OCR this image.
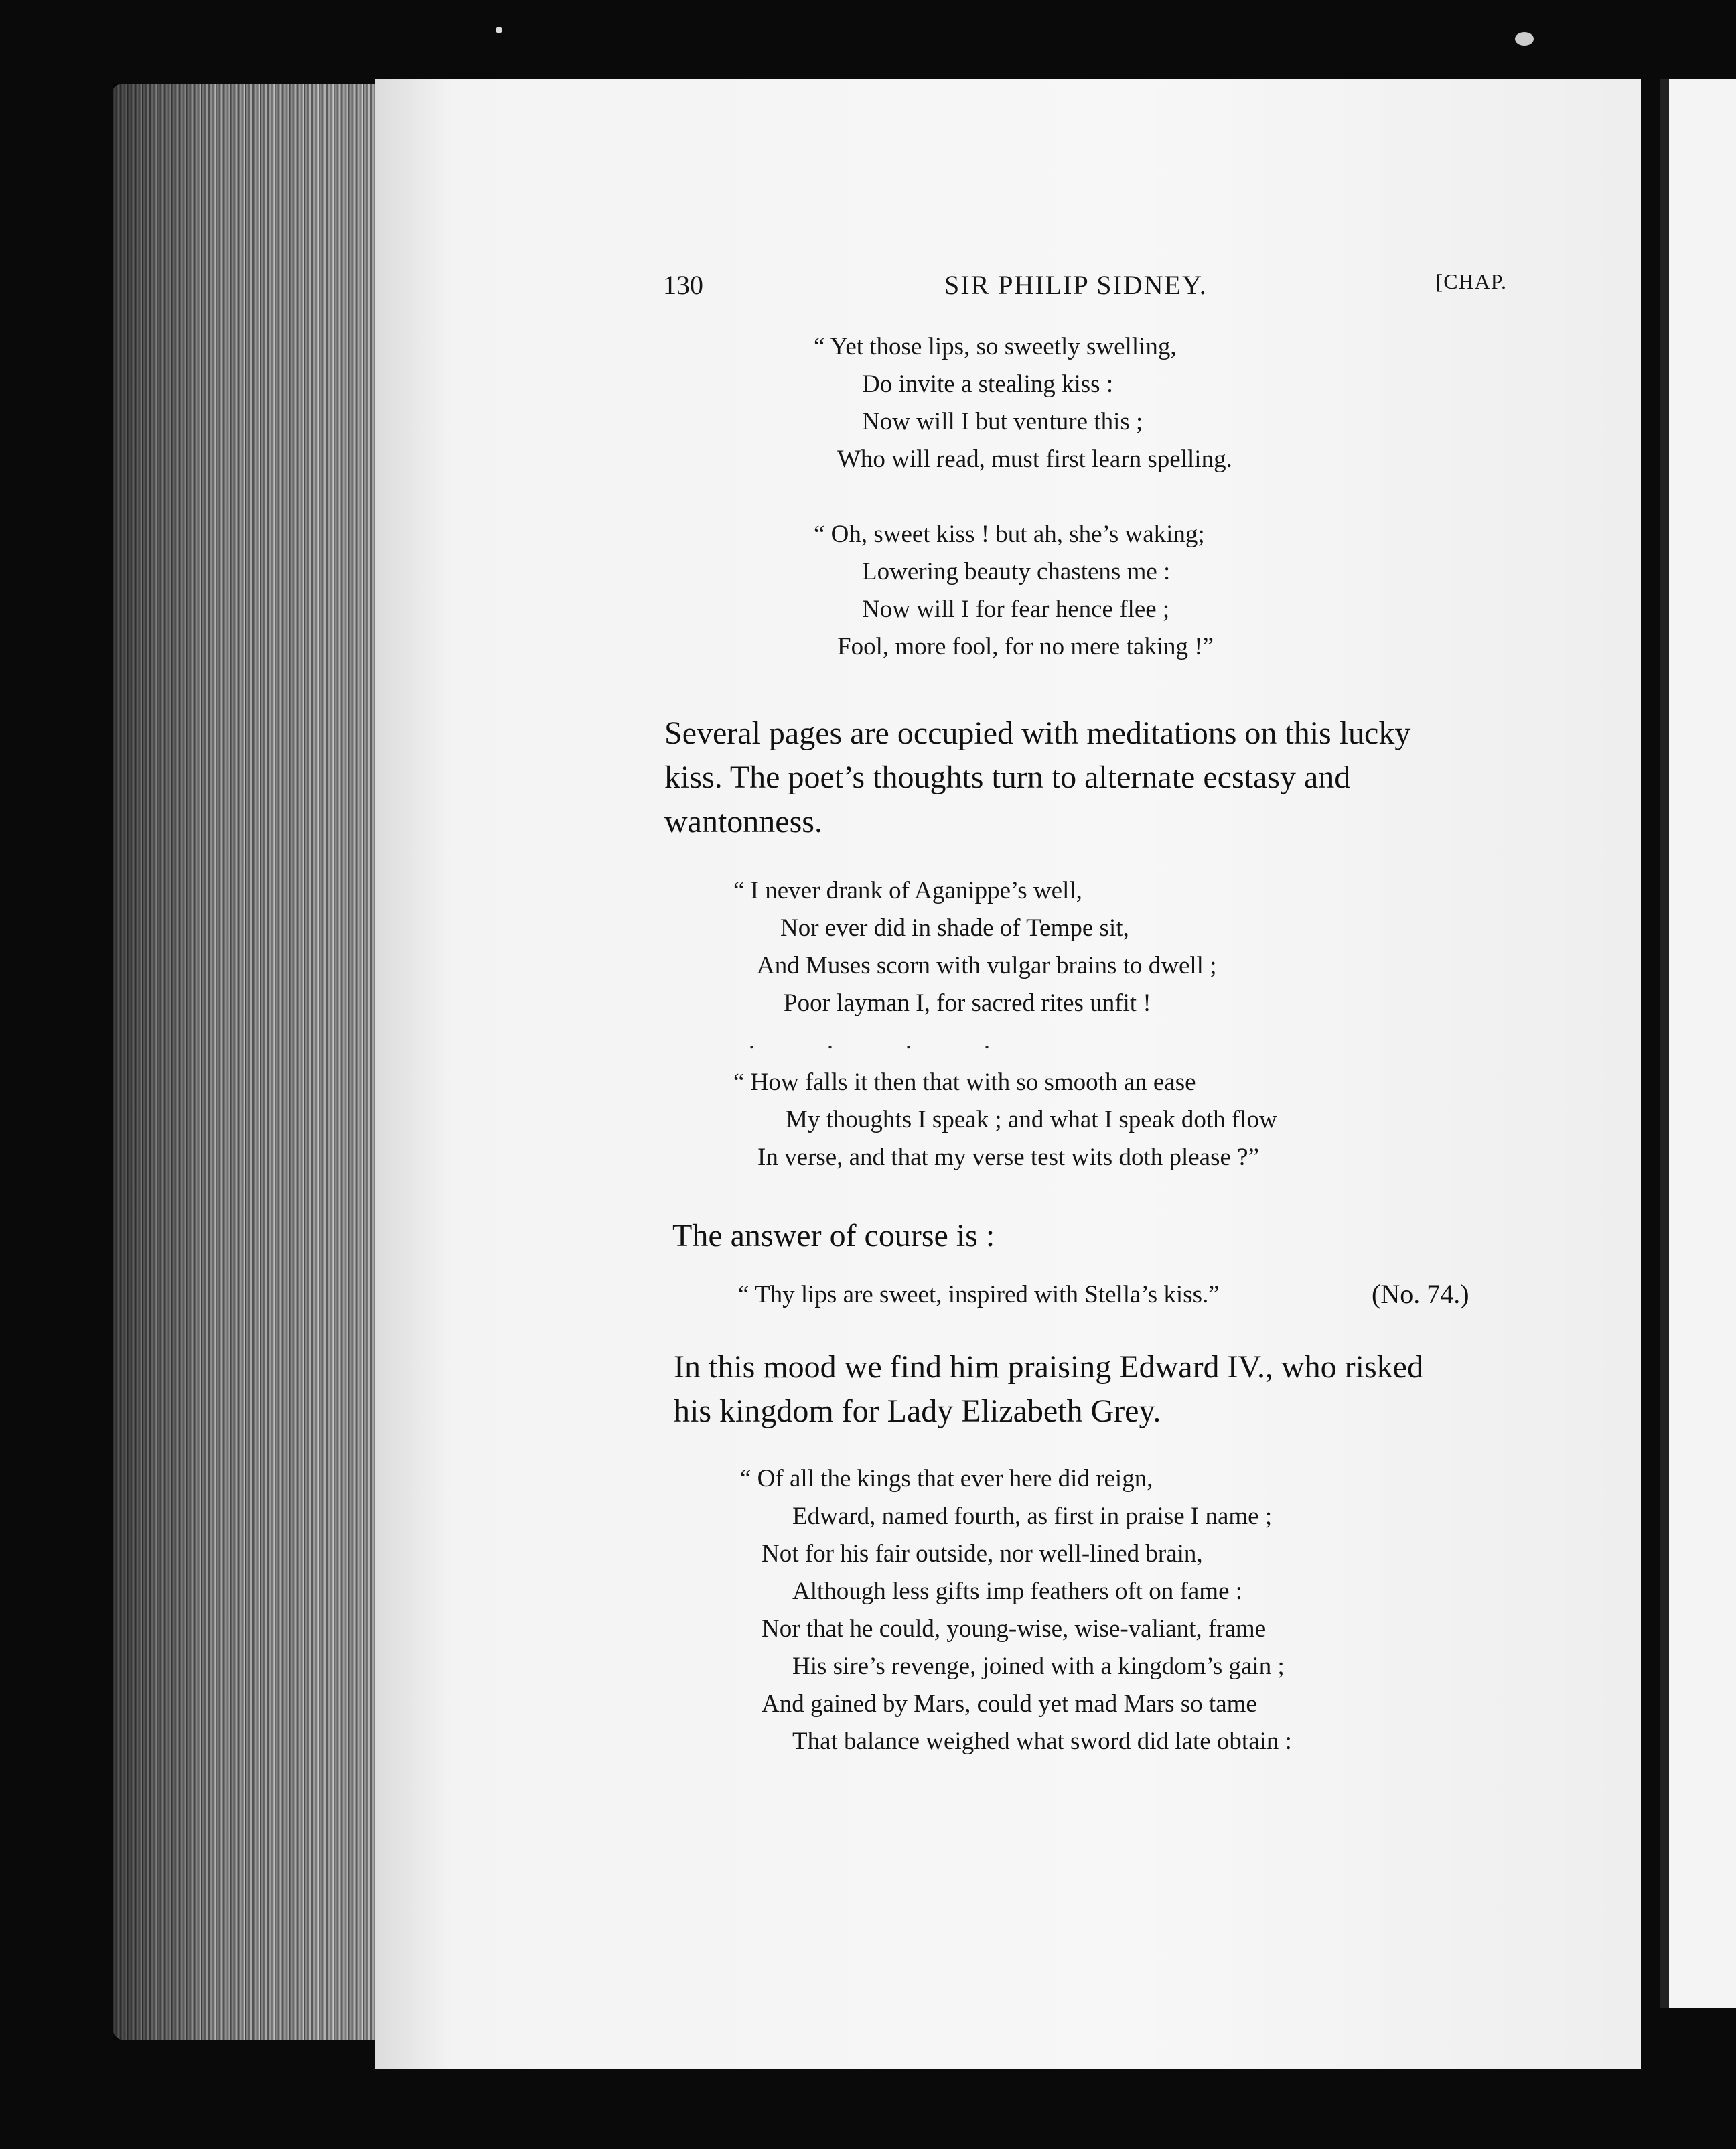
130	SIR PHILIP SIDNEY.	[CHAP.
“ Yet those lips, so sweetly swelling,
Do invite a stealing kiss :
Now will I but venture this ;
Who will read, must first learn spelling.
“ Oh, sweet kiss ! but ah, she’s waking;
Lowering beauty chastens me :
Now will I for fear hence flee ;
Fool, more fool, for no mere taking !”
Several pages are occupied with meditations on this lucky
kiss. The poet’s thoughts turn to alternate ecstasy and
wantonness.
“ I never drank of Aganippe’s well,
Nor ever did in shade of Tempe sit,
And Muses scorn with vulgar brains to dwell ;
Poor layman I, for sacred rites unfit !
.            .            .            .
“ How falls it then that with so smooth an ease
My thoughts I speak ; and what I speak doth flow
In verse, and that my verse test wits doth please ?”
The answer of course is :
“ Thy lips are sweet, inspired with Stella’s kiss.”	(No. 74.)
In this mood we find him praising Edward IV., who risked
his kingdom for Lady Elizabeth Grey.
“ Of all the kings that ever here did reign,
Edward, named fourth, as first in praise I name ;
Not for his fair outside, nor well-lined brain,
Although less gifts imp feathers oft on fame :
Nor that he could, young-wise, wise-valiant, frame
His sire’s revenge, joined with a kingdom’s gain ;
And gained by Mars, could yet mad Mars so tame
That balance weighed what sword did late obtain :
